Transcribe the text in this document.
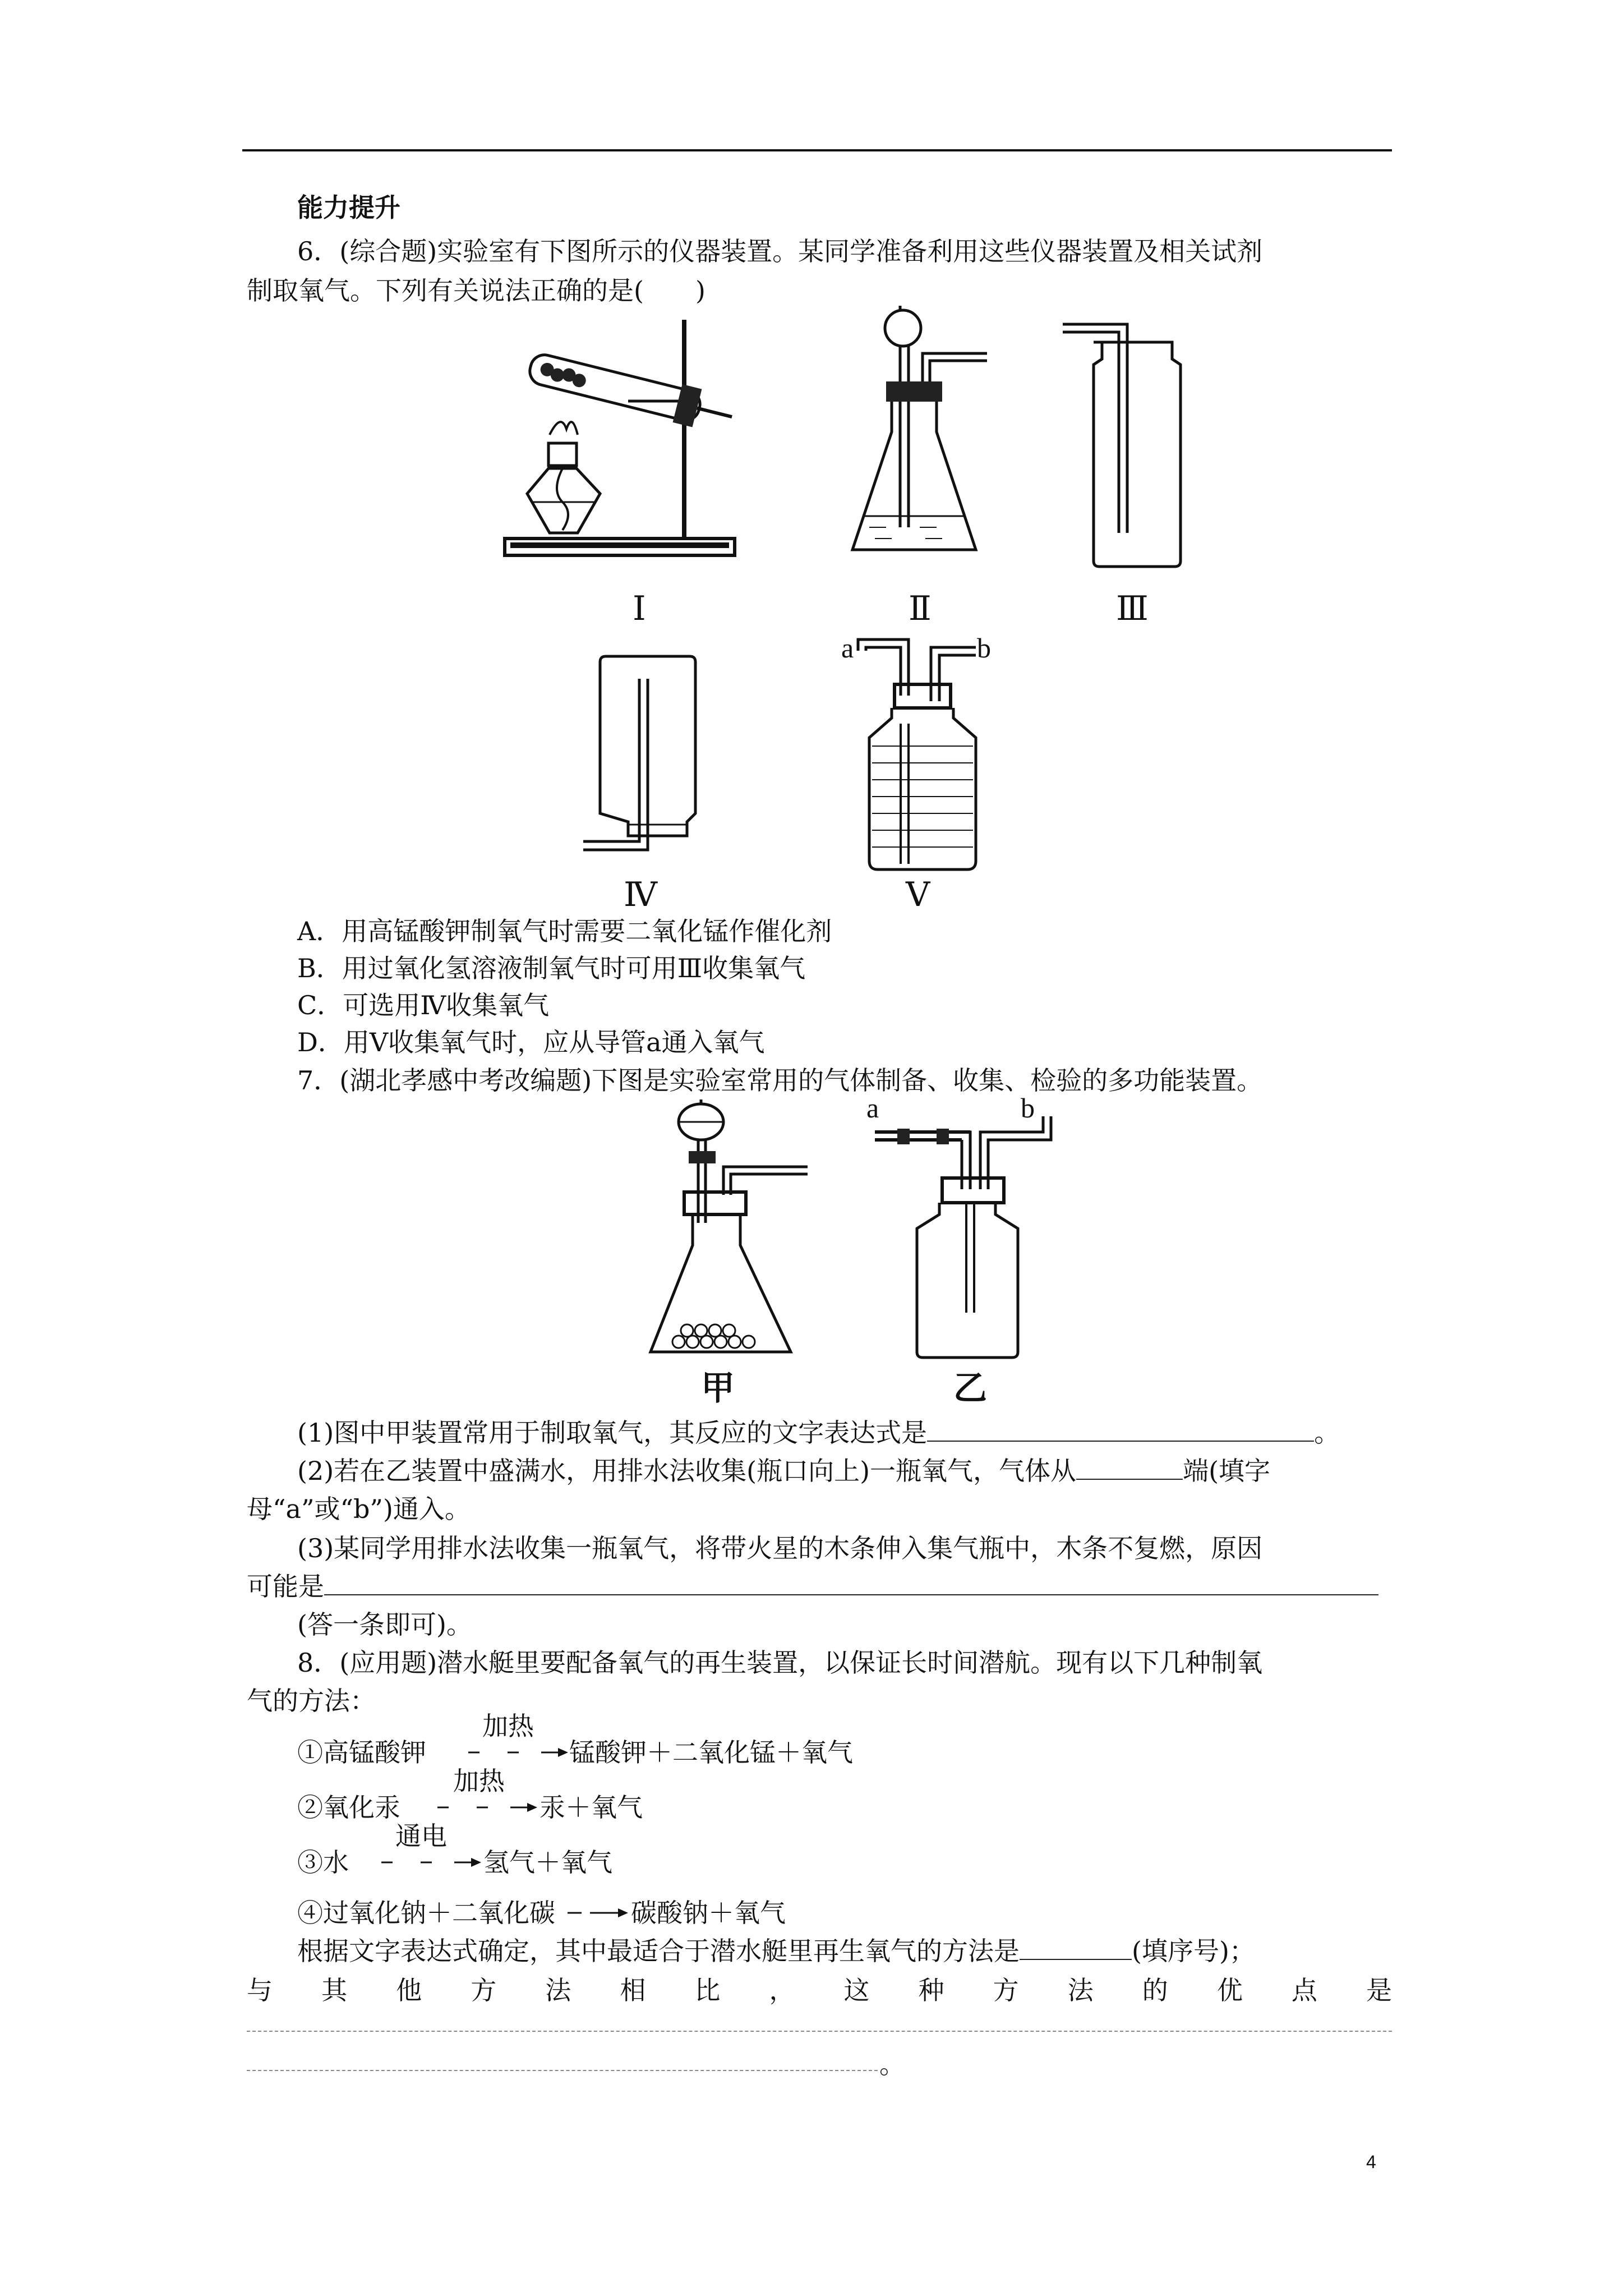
能力提升
6．(综合题)实验室有下图所示的仪器装置。某同学准备利用这些仪器装置及相关试剂
制取氧气。下列有关说法正确的是(　　)
Ⅰ	Ⅱ	Ⅲ
a	b
Ⅳ	Ⅴ
A．用高锰酸钾制氧气时需要二氧化锰作催化剂
B．用过氧化氢溶液制氧气时可用Ⅲ收集氧气
C．可选用Ⅳ收集氧气
D．用Ⅴ收集氧气时，应从导管a通入氧气
7．(湖北孝感中考改编题)下图是实验室常用的气体制备、收集、检验的多功能装置。
a	b
甲	乙
(1)图中甲装置常用于制取氧气，其反应的文字表达式是	。
(2)若在乙装置中盛满水，用排水法收集(瓶口向上)一瓶氧气，气体从	端(填字
母“a”或“b”)通入。
(3)某同学用排水法收集一瓶氧气，将带火星的木条伸入集气瓶中，木条不复燃，原因
可能是
(答一条即可)。
8．(应用题)潜水艇里要配备氧气的再生装置，以保证长时间潜航。现有以下几种制氧
气的方法：
①高锰酸钾
加热
锰酸钾＋二氧化锰＋氧气
②氧化汞
加热
汞＋氧气
③水
通电
氢气＋氧气
④过氧化钠＋二氧化碳	碳酸钠＋氧气
根据文字表达式确定，其中最适合于潜水艇里再生氧气的方法是	(填序号)；
与 其 他 方 法 相 比 ， 这 种 方 法 的 优 点 是
。
4
